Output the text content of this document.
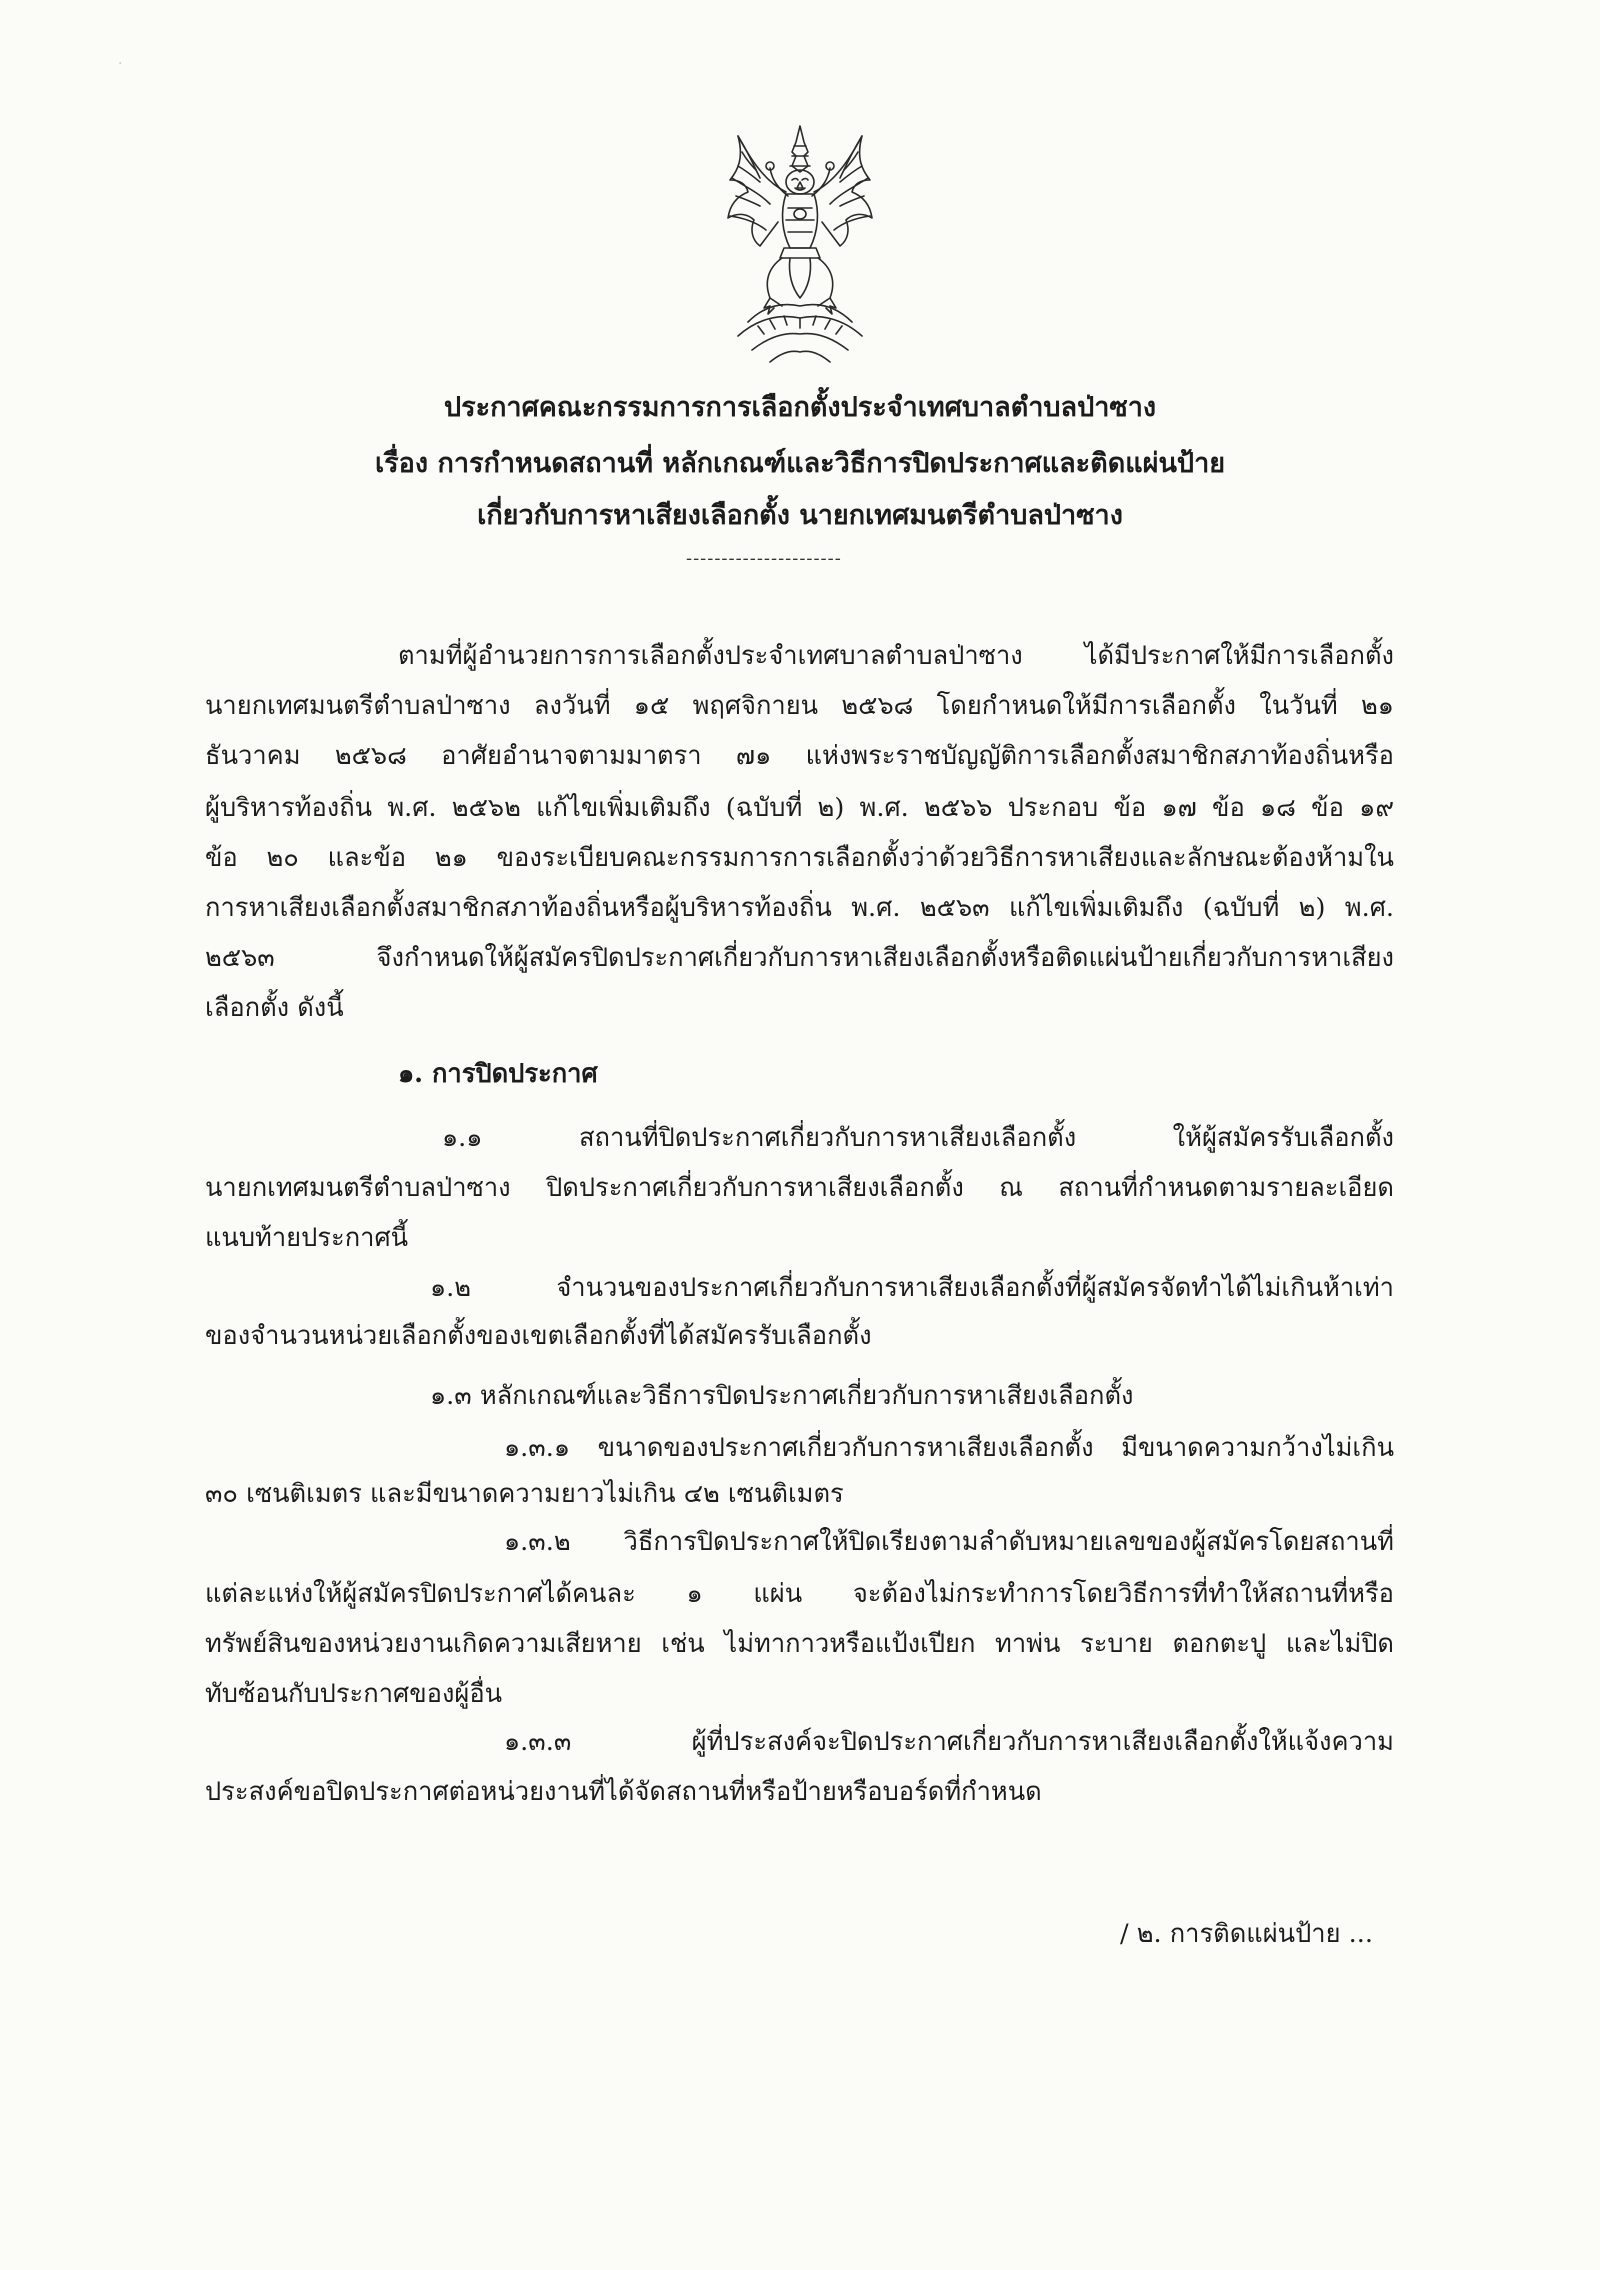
·
ประกาศคณะกรรมการการเลือกตั้งประจำเทศบาลตำบลป่าซาง
เรื่อง การกำหนดสถานที่ หลักเกณฑ์และวิธีการปิดประกาศและติดแผ่นป้าย
เกี่ยวกับการหาเสียงเลือกตั้ง นายกเทศมนตรีตำบลป่าซาง
----------------------
ตามที่ผู้อำนวยการการเลือกตั้งประจำเทศบาลตำบลป่าซาง ได้มีประกาศให้มีการเลือกตั้ง
นายกเทศมนตรีตำบลป่าซาง ลงวันที่ ๑๕ พฤศจิกายน ๒๕๖๘ โดยกำหนดให้มีการเลือกตั้ง ในวันที่ ๒๑
ธันวาคม ๒๕๖๘ อาศัยอำนาจตามมาตรา ๗๑ แห่งพระราชบัญญัติการเลือกตั้งสมาชิกสภาท้องถิ่นหรือ
ผู้บริหารท้องถิ่น พ.ศ. ๒๕๖๒ แก้ไขเพิ่มเติมถึง (ฉบับที่ ๒) พ.ศ. ๒๕๖๖ ประกอบ ข้อ ๑๗ ข้อ ๑๘ ข้อ ๑๙
ข้อ ๒๐ และข้อ ๒๑ ของระเบียบคณะกรรมการการเลือกตั้งว่าด้วยวิธีการหาเสียงและลักษณะต้องห้ามใน
การหาเสียงเลือกตั้งสมาชิกสภาท้องถิ่นหรือผู้บริหารท้องถิ่น พ.ศ. ๒๕๖๓ แก้ไขเพิ่มเติมถึง (ฉบับที่ ๒) พ.ศ.
๒๕๖๓ จึงกำหนดให้ผู้สมัครปิดประกาศเกี่ยวกับการหาเสียงเลือกตั้งหรือติดแผ่นป้ายเกี่ยวกับการหาเสียง
เลือกตั้ง ดังนี้
๑. การปิดประกาศ
๑.๑ สถานที่ปิดประกาศเกี่ยวกับการหาเสียงเลือกตั้ง ให้ผู้สมัครรับเลือกตั้ง
นายกเทศมนตรีตำบลป่าซาง ปิดประกาศเกี่ยวกับการหาเสียงเลือกตั้ง ณ สถานที่กำหนดตามรายละเอียด
แนบท้ายประกาศนี้
๑.๒ จำนวนของประกาศเกี่ยวกับการหาเสียงเลือกตั้งที่ผู้สมัครจัดทำได้ไม่เกินห้าเท่า
ของจำนวนหน่วยเลือกตั้งของเขตเลือกตั้งที่ได้สมัครรับเลือกตั้ง
๑.๓ หลักเกณฑ์และวิธีการปิดประกาศเกี่ยวกับการหาเสียงเลือกตั้ง
๑.๓.๑ ขนาดของประกาศเกี่ยวกับการหาเสียงเลือกตั้ง มีขนาดความกว้างไม่เกิน
๓๐ เซนติเมตร และมีขนาดความยาวไม่เกิน ๔๒ เซนติเมตร
๑.๓.๒ วิธีการปิดประกาศให้ปิดเรียงตามลำดับหมายเลขของผู้สมัครโดยสถานที่
แต่ละแห่งให้ผู้สมัครปิดประกาศได้คนละ ๑ แผ่น จะต้องไม่กระทำการโดยวิธีการที่ทำให้สถานที่หรือ
ทรัพย์สินของหน่วยงานเกิดความเสียหาย เช่น ไม่ทากาวหรือแป้งเปียก ทาพ่น ระบาย ตอกตะปู และไม่ปิด
ทับซ้อนกับประกาศของผู้อื่น
๑.๓.๓ ผู้ที่ประสงค์จะปิดประกาศเกี่ยวกับการหาเสียงเลือกตั้งให้แจ้งความ
ประสงค์ขอปิดประกาศต่อหน่วยงานที่ได้จัดสถานที่หรือป้ายหรือบอร์ดที่กำหนด
/ ๒. การติดแผ่นป้าย ...
